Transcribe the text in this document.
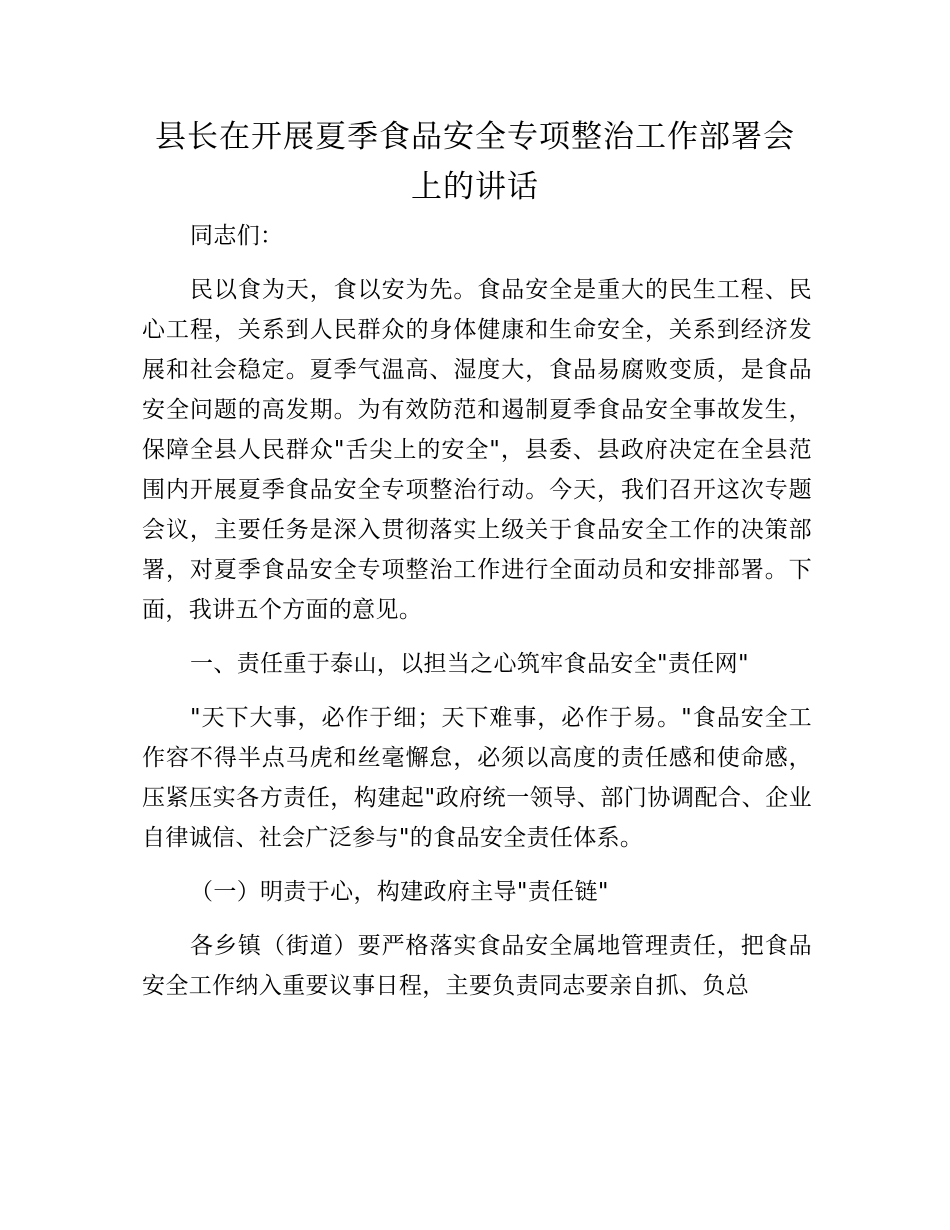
县长在开展夏季食品安全专项整治工作部署会上的讲话

同志们：

民以食为天，食以安为先。食品安全是重大的民生工程、民心工程，关系到人民群众的身体健康和生命安全，关系到经济发展和社会稳定。夏季气温高、湿度大，食品易腐败变质，是食品安全问题的高发期。为有效防范和遏制夏季食品安全事故发生，保障全县人民群众"舌尖上的安全"，县委、县政府决定在全县范围内开展夏季食品安全专项整治行动。今天，我们召开这次专题会议，主要任务是深入贯彻落实上级关于食品安全工作的决策部署，对夏季食品安全专项整治工作进行全面动员和安排部署。下面，我讲五个方面的意见。

一、责任重于泰山，以担当之心筑牢食品安全"责任网"

"天下大事，必作于细；天下难事，必作于易。"食品安全工作容不得半点马虎和丝毫懈怠，必须以高度的责任感和使命感，压紧压实各方责任，构建起"政府统一领导、部门协调配合、企业自律诚信、社会广泛参与"的食品安全责任体系。

（一）明责于心，构建政府主导"责任链"

各乡镇（街道）要严格落实食品安全属地管理责任，把食品安全工作纳入重要议事日程，主要负责同志要亲自抓、负总
